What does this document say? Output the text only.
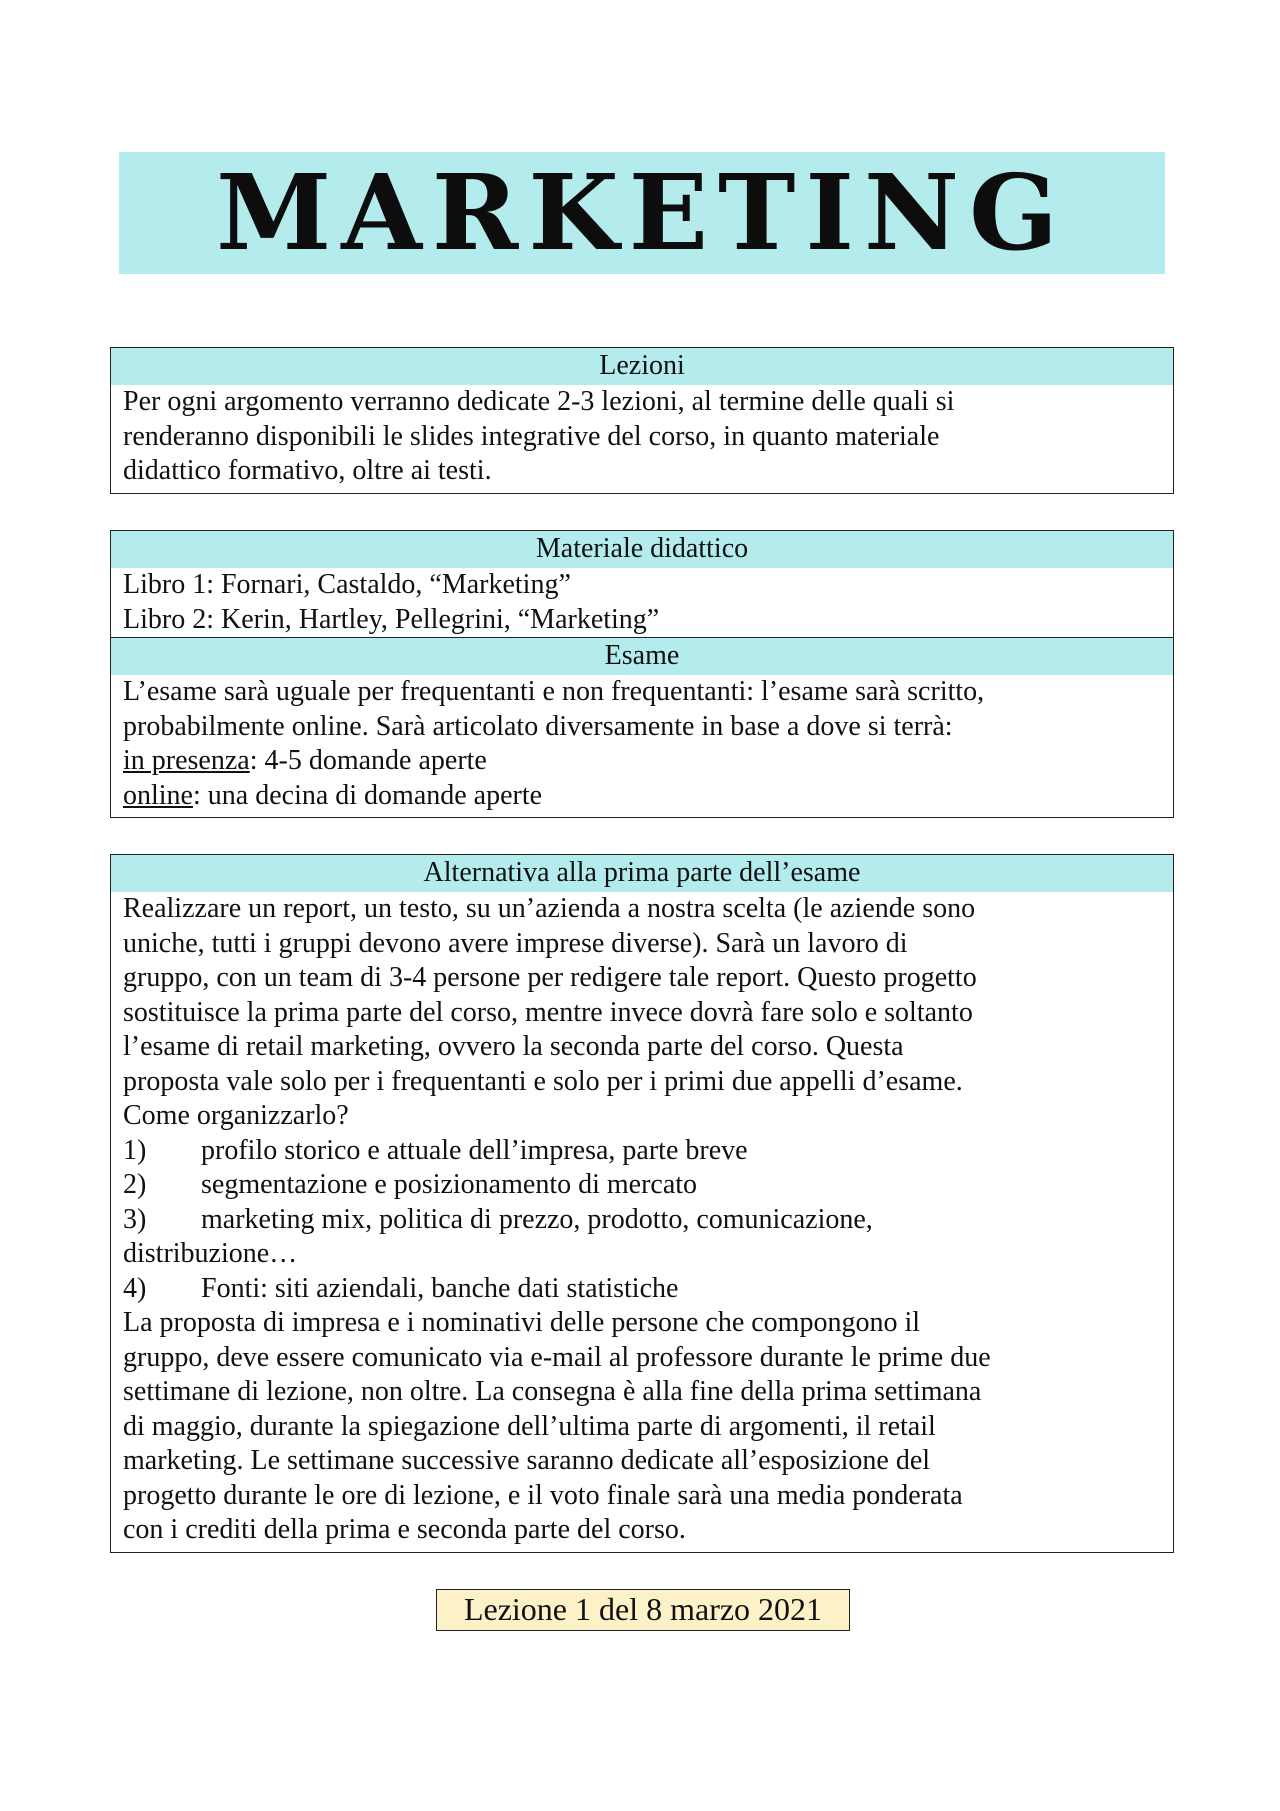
MARKETING
Lezioni
Per ogni argomento verranno dedicate 2-3 lezioni, al termine delle quali si
renderanno disponibili le slides integrative del corso, in quanto materiale
didattico formativo, oltre ai testi.
Materiale didattico
Libro 1: Fornari, Castaldo, “Marketing”
Libro 2: Kerin, Hartley, Pellegrini, “Marketing”
Esame
L’esame sarà uguale per frequentanti e non frequentanti: l’esame sarà scritto,
probabilmente online. Sarà articolato diversamente in base a dove si terrà:
in presenza: 4-5 domande aperte
online: una decina di domande aperte
Alternativa alla prima parte dell’esame
Realizzare un report, un testo, su un’azienda a nostra scelta (le aziende sono
uniche, tutti i gruppi devono avere imprese diverse). Sarà un lavoro di
gruppo, con un team di 3-4 persone per redigere tale report. Questo progetto
sostituisce la prima parte del corso, mentre invece dovrà fare solo e soltanto
l’esame di retail marketing, ovvero la seconda parte del corso. Questa
proposta vale solo per i frequentanti e solo per i primi due appelli d’esame.
Come organizzarlo?
1) profilo storico e attuale dell’impresa, parte breve
2) segmentazione e posizionamento di mercato
3) marketing mix, politica di prezzo, prodotto, comunicazione,
distribuzione…
4) Fonti: siti aziendali, banche dati statistiche
La proposta di impresa e i nominativi delle persone che compongono il
gruppo, deve essere comunicato via e-mail al professore durante le prime due
settimane di lezione, non oltre. La consegna è alla fine della prima settimana
di maggio, durante la spiegazione dell’ultima parte di argomenti, il retail
marketing. Le settimane successive saranno dedicate all’esposizione del
progetto durante le ore di lezione, e il voto finale sarà una media ponderata
con i crediti della prima e seconda parte del corso.
Lezione 1 del 8 marzo 2021
